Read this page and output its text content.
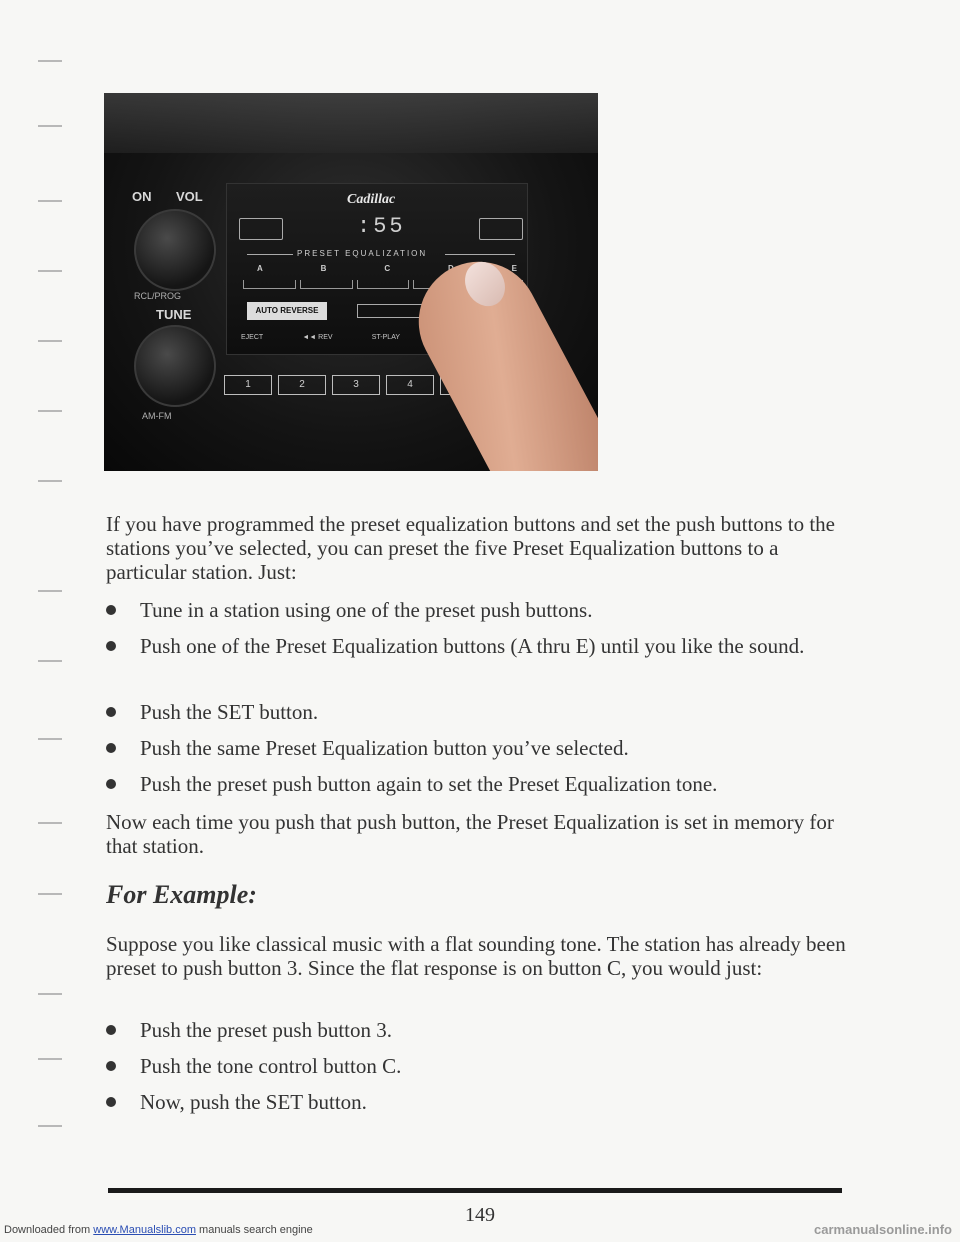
ON VOL
RCL/PROG
TUNE
AM-FM
Cadillac
:55
PRESET EQUALIZATION
A	B	C	E
AUTO REVERSE
EJECT	◄◄ REV	ST-PLAY
1	2	3	4

If you have programmed the preset equalization buttons and set the push buttons to the stations you’ve selected, you can preset the five Preset Equalization buttons to a particular station. Just:

Tune in a station using one of the preset push buttons.
Push one of the Preset Equalization buttons (A thru E) until you like the sound.
Push the SET button.
Push the same Preset Equalization button you’ve selected.
Push the preset push button again to set the Preset Equalization tone.

Now each time you push that push button, the Preset Equalization is set in memory for that station.

For Example:

Suppose you like classical music with a flat sounding tone. The station has already been preset to push button 3. Since the flat response is on button C, you would just:

Push the preset push button 3.
Push the tone control button C.
Now, push the SET button.
149
Downloaded from www.Manualslib.com manuals search engine	carmanualsonline.info
